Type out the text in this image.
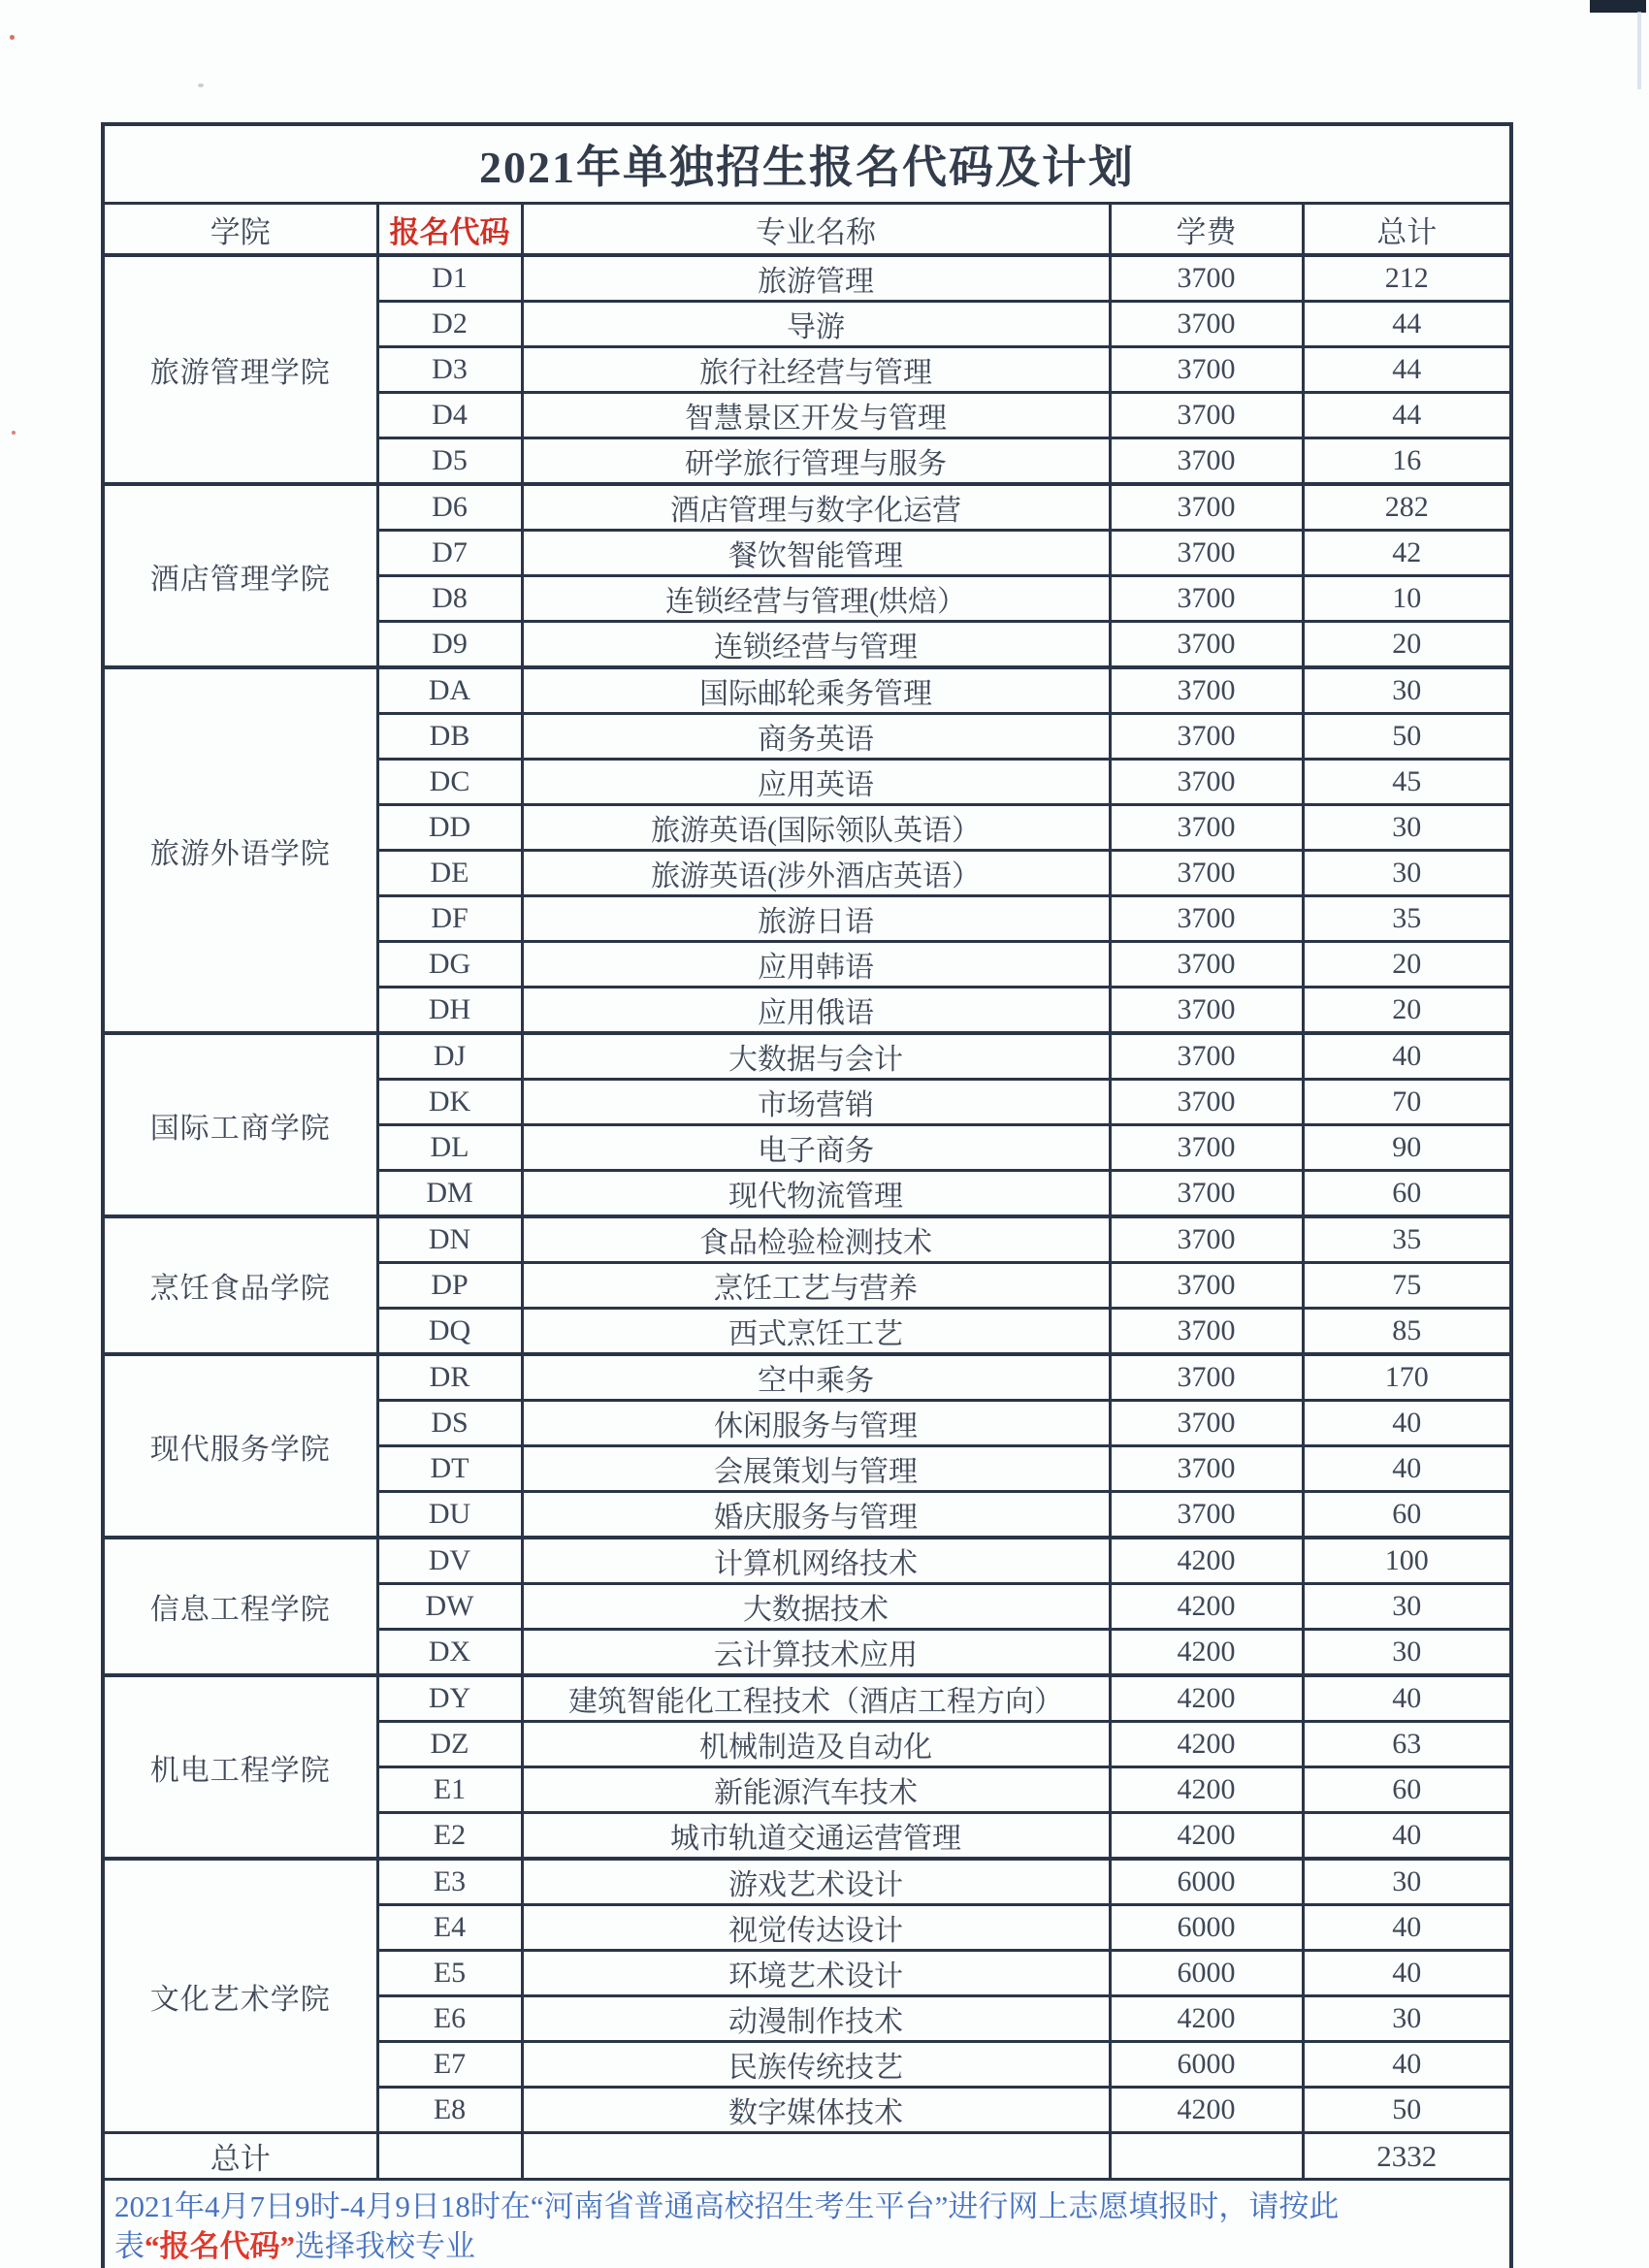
2021年单独招生报名代码及计划				
学院	报名代码	专业名称	学费	总计
旅游管理学院	D1	旅游管理	3700	212
	D2	导游	3700	44
	D3	旅行社经营与管理	3700	44
	D4	智慧景区开发与管理	3700	44
	D5	研学旅行管理与服务	3700	16
酒店管理学院	D6	酒店管理与数字化运营	3700	282
	D7	餐饮智能管理	3700	42
	D8	连锁经营与管理(烘焙）	3700	10
	D9	连锁经营与管理	3700	20
旅游外语学院	DA	国际邮轮乘务管理	3700	30
	DB	商务英语	3700	50
	DC	应用英语	3700	45
	DD	旅游英语(国际领队英语）	3700	30
	DE	旅游英语(涉外酒店英语）	3700	30
	DF	旅游日语	3700	35
	DG	应用韩语	3700	20
	DH	应用俄语	3700	20
国际工商学院	DJ	大数据与会计	3700	40
	DK	市场营销	3700	70
	DL	电子商务	3700	90
	DM	现代物流管理	3700	60
烹饪食品学院	DN	食品检验检测技术	3700	35
	DP	烹饪工艺与营养	3700	75
	DQ	西式烹饪工艺	3700	85
现代服务学院	DR	空中乘务	3700	170
	DS	休闲服务与管理	3700	40
	DT	会展策划与管理	3700	40
	DU	婚庆服务与管理	3700	60
信息工程学院	DV	计算机网络技术	4200	100
	DW	大数据技术	4200	30
	DX	云计算技术应用	4200	30
机电工程学院	DY	建筑智能化工程技术（酒店工程方向）	4200	40
	DZ	机械制造及自动化	4200	63
	E1	新能源汽车技术	4200	60
	E2	城市轨道交通运营管理	4200	40
文化艺术学院	E3	游戏艺术设计	6000	30
	E4	视觉传达设计	6000	40
	E5	环境艺术设计	6000	40
	E6	动漫制作技术	4200	30
	E7	民族传统技艺	6000	40
	E8	数字媒体技术	4200	50
总计				2332

2021年4月7日9时-4月9日18时在“河南省普通高校招生考生平台”进行网上志愿填报时，请按此
表“报名代码”选择我校专业				
